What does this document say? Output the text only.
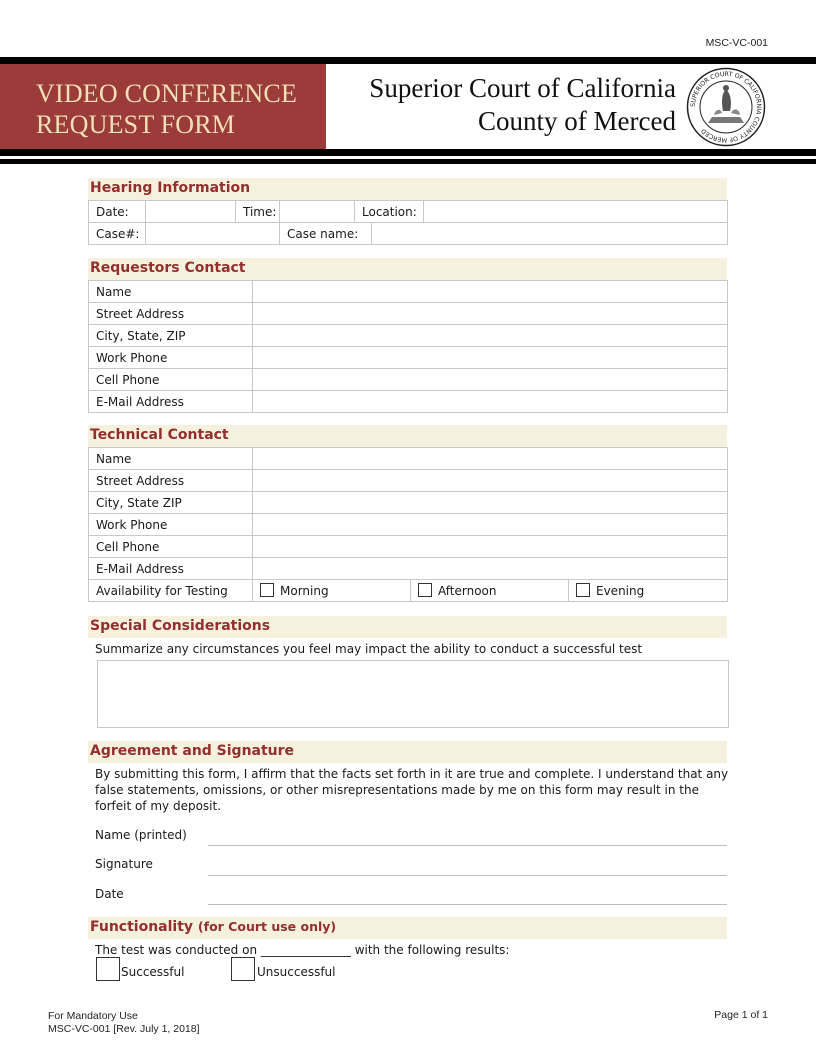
MSC-VC-001
VIDEO CONFERENCE
REQUEST FORM
Superior Court of California
County of Merced
SUPERIOR COURT OF CALIFORNIA COUNTY OF MERCED
Hearing Information
Date:		Time:		Location:		
Case#:			Case name:			
Requestors Contact
Name	
Street Address	
City, State, ZIP	
Work Phone	
Cell Phone	
E-Mail Address	
Technical Contact
Name			
Street Address			
City, State ZIP			
Work Phone			
Cell Phone			
E-Mail Address			
Availability for Testing	Morning	Afternoon	Evening
Special Considerations
Summarize any circumstances you feel may impact the ability to conduct a successful test
Agreement and Signature
By submitting this form, I affirm that the facts set forth in it are true and complete. I understand that any
false statements, omissions, or other misrepresentations made by me on this form may result in the
forfeit of my deposit.
Name (printed)
Signature
Date
Functionality (for Court use only)
The test was conducted on _______________ with the following results:
Successful	Unsuccessful
For Mandatory Use
MSC-VC-001 [Rev. July 1, 2018]
Page 1 of 1
